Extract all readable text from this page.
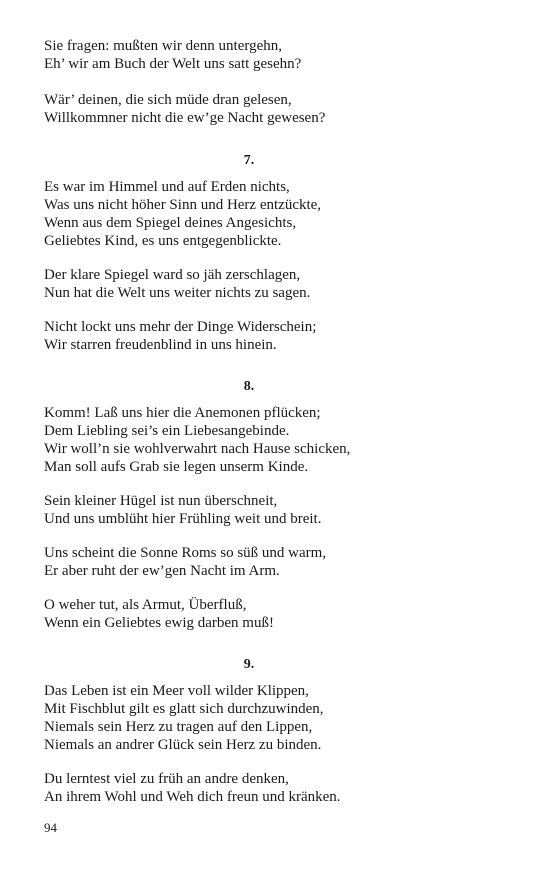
Sie fragen: mußten wir denn untergehn,
Eh’ wir am Buch der Welt uns satt gesehn?
Wär’ deinen, die sich müde dran gelesen,
Willkommner nicht die ew’ge Nacht gewesen?
7.
Es war im Himmel und auf Erden nichts,
Was uns nicht höher Sinn und Herz entzückte,
Wenn aus dem Spiegel deines Angesichts,
Geliebtes Kind, es uns entgegenblickte.
Der klare Spiegel ward so jäh zerschlagen,
Nun hat die Welt uns weiter nichts zu sagen.
Nicht lockt uns mehr der Dinge Widerschein;
Wir starren freudenblind in uns hinein.
8.
Komm! Laß uns hier die Anemonen pflücken;
Dem Liebling sei’s ein Liebesangebinde.
Wir woll’n sie wohlverwahrt nach Hause schicken,
Man soll aufs Grab sie legen unserm Kinde.
Sein kleiner Hügel ist nun überschneit,
Und uns umblüht hier Frühling weit und breit.
Uns scheint die Sonne Roms so süß und warm,
Er aber ruht der ew’gen Nacht im Arm.
O weher tut, als Armut, Überfluß,
Wenn ein Geliebtes ewig darben muß!
9.
Das Leben ist ein Meer voll wilder Klippen,
Mit Fischblut gilt es glatt sich durchzuwinden,
Niemals sein Herz zu tragen auf den Lippen,
Niemals an andrer Glück sein Herz zu binden.
Du lerntest viel zu früh an andre denken,
An ihrem Wohl und Weh dich freun und kränken.
94
